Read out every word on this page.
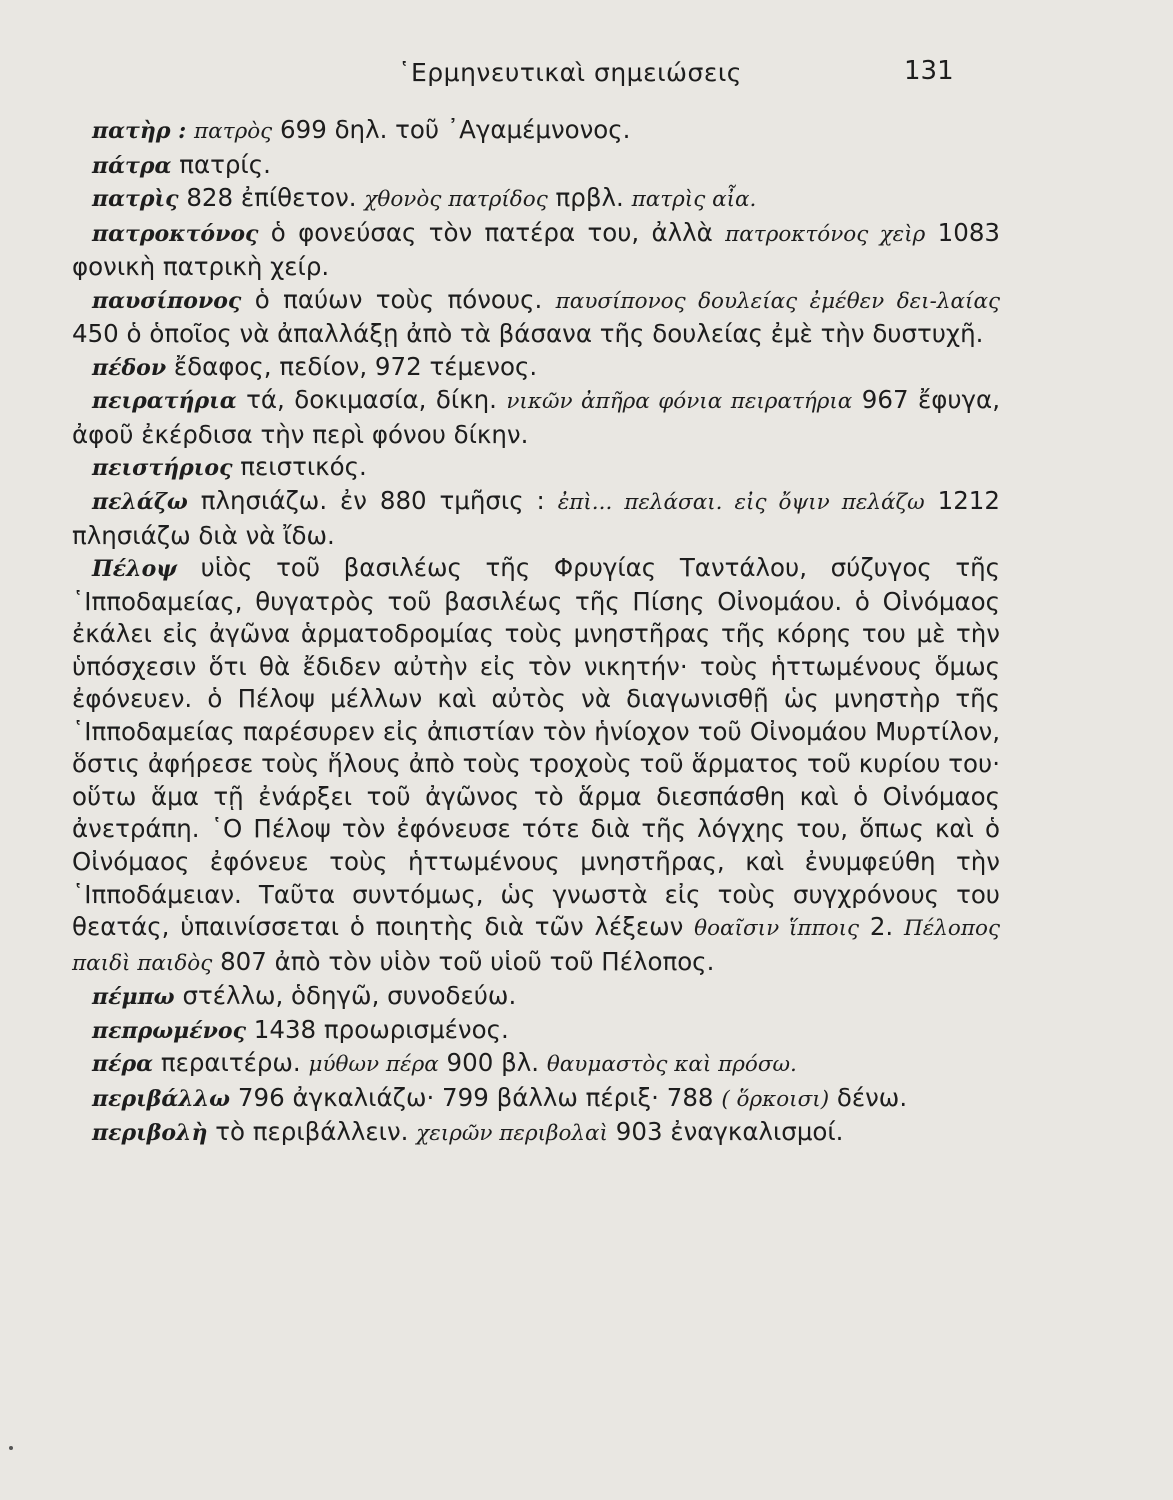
῾Ερμηνευτικαὶ σημειώσεις	131

πατὴρ : πατρὸς 699 δηλ. τοῦ ᾿Αγαμέμνονος.

πάτρα πατρίς.

πατρὶς 828 ἐπίθετον. χθονὸς πατρίδος πρβλ. πατρὶς αἶα.

πατροκτόνος ὁ φονεύσας τὸν πατέρα του, ἀλλὰ πατροκτόνος χεὶρ 1083 φονικὴ πατρικὴ χείρ.

παυσίπονος ὁ παύων τοὺς πόνους. παυσίπονος δουλείας ἐμέθεν δει-λαίας 450 ὁ ὁποῖος νὰ ἀπαλλάξῃ ἀπὸ τὰ βάσανα τῆς δουλείας ἐμὲ τὴν δυστυχῆ.

πέδον ἔδαφος, πεδίον, 972 τέμενος.

πειρατήρια τά, δοκιμασία, δίκη. νικῶν ἀπῆρα φόνια πειρατήρια 967 ἔφυγα, ἀφοῦ ἐκέρδισα τὴν περὶ φόνου δίκην.

πειστήριος πειστικός.

πελάζω πλησιάζω. ἐν 880 τμῆσις : ἐπὶ... πελάσαι. εἰς ὄψιν πελάζω 1212 πλησιάζω διὰ νὰ ἴδω.

Πέλοψ υἱὸς τοῦ βασιλέως τῆς Φρυγίας Ταντάλου, σύζυγος τῆς ῾Ιπποδαμείας, θυγατρὸς τοῦ βασιλέως τῆς Πίσης Οἰνομάου. ὁ Οἰνόμαος ἐκάλει εἰς ἀγῶνα ἁρματοδρομίας τοὺς μνηστῆρας τῆς κόρης του μὲ τὴν ὑπόσχεσιν ὅτι θὰ ἔδιδεν αὐτὴν εἰς τὸν νικητήν· τοὺς ἡττωμένους ὅμως ἐφόνευεν. ὁ Πέλοψ μέλλων καὶ αὐτὸς νὰ διαγωνισθῇ ὡς μνηστὴρ τῆς ῾Ιπποδαμείας παρέσυρεν εἰς ἀπιστίαν τὸν ἡνίοχον τοῦ Οἰνομάου Μυρτίλον, ὅστις ἀφήρεσε τοὺς ἥλους ἀπὸ τοὺς τροχοὺς τοῦ ἅρματος τοῦ κυρίου του· οὕτω ἅμα τῇ ἐνάρξει τοῦ ἀγῶνος τὸ ἅρμα διεσπάσθη καὶ ὁ Οἰνόμαος ἀνετράπη. ῾Ο Πέλοψ τὸν ἐφόνευσε τότε διὰ τῆς λόγχης του, ὅπως καὶ ὁ Οἰνόμαος ἐφόνευε τοὺς ἡττωμένους μνηστῆρας, καὶ ἐνυμφεύθη τὴν ῾Ιπποδάμειαν. Ταῦτα συντόμως, ὡς γνωστὰ εἰς τοὺς συγχρόνους του θεατάς, ὑπαινίσσεται ὁ ποιητὴς διὰ τῶν λέξεων θοαῖσιν ἵπποις 2. Πέλοπος παιδὶ παιδὸς 807 ἀπὸ τὸν υἱὸν τοῦ υἱοῦ τοῦ Πέλοπος.

πέμπω στέλλω, ὁδηγῶ, συνοδεύω.

πεπρωμένος 1438 προωρισμένος.

πέρα περαιτέρω. μύθων πέρα 900 βλ. θαυμαστὸς καὶ πρόσω.

περιβάλλω 796 ἀγκαλιάζω· 799 βάλλω πέριξ· 788 ( ὅρκοισι) δένω.

περιβολὴ τὸ περιβάλλειν. χειρῶν περιβολαὶ 903 ἐναγκαλισμοί.
